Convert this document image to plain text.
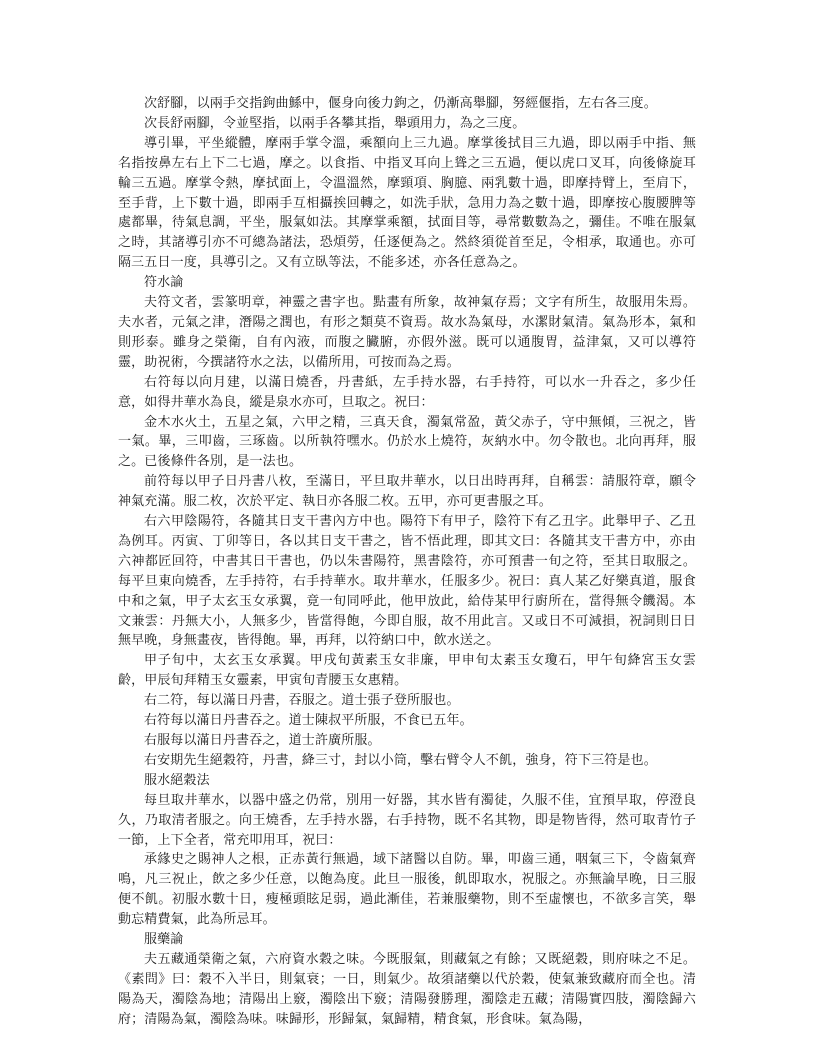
次舒腳，以兩手交指鉤曲鯀中，偃身向後力鉤之，仍漸高舉腳，努經偃指，左右各三度。

次長舒兩腳，令並堅指，以兩手各攀其指，舉頭用力，為之三度。

導引畢，平坐縱體，摩兩手掌令溫，乘額向上三九過。摩掌後拭目三九過，即以兩手中指、無名指按鼻左右上下二七過，摩之。以食指、中指叉耳向上聳之三五過，便以虎口叉耳，向後條旋耳輪三五過。摩掌令熱，摩拭面上，令溫溫然，摩頸項、胸臆、兩乳數十過，即摩持臂上，至肩下，至手背，上下數十過，即兩手互相攝挨回轉之，如洗手狀，急用力為之數十過，即摩按心腹腰脾等處都畢，待氣息調，平坐，服氣如法。其摩掌乘額，拭面目等，尋常數數為之，彌佳。不唯在服氣之時，其諸導引亦不可總為諸法，恐煩勞，任逐便為之。然終須從首至足，令相承，取通也。亦可隔三五日一度，具導引之。又有立臥等法，不能多述，亦各任意為之。

符水論

夫符文者，雲篆明章，神靈之書字也。點畫有所象，故神氣存焉；文字有所生，故服用朱焉。夫水者，元氣之津，潛陽之潤也，有形之類莫不資焉。故水為氣母，水潔財氣清。氣為形本，氣和則形泰。雖身之榮衛，自有內液，而腹之臟腑，亦假外滋。既可以通腹胃，益津氣，又可以導符靈，助祝術，今撰諸符水之法，以備所用，可按而為之焉。

右符每以向月建，以滿日燒香，丹書紙，左手持水器，右手持符，可以水一升吞之，多少任意，如得井華水為良，縱是泉水亦可，旦取之。祝曰：

金木水火土，五星之氣，六甲之精，三真天食，濁氣常盈，黃父赤子，守中無傾，三祝之，皆一氣。畢，三叩齒，三琢齒。以所執符嘿水。仍於水上燒符，灰納水中。勿令散也。北向再拜，服之。已後條件各別，是一法也。

前符每以甲子日丹書八枚，至滿日，平旦取井華水，以日出時再拜，自稱雲：請服符章，願令神氣充滿。服二枚，次於平定、執日亦各服二枚。五甲，亦可更書服之耳。

右六甲陰陽符，各隨其日支干書內方中也。陽符下有甲子，陰符下有乙丑字。此舉甲子、乙丑為例耳。丙寅、丁卯等日，各以其日支干書之，皆不悟此理，即其文曰：各隨其支干書方中，亦由六神都匠回符，中書其日干書也，仍以朱書陽符，黑書陰符，亦可預書一旬之符，至其日取服之。每平旦東向燒香，左手持符，右手持華水。取井華水，任服多少。祝曰：真人某乙好樂真道，服食中和之氣，甲子太玄玉女承翼，竟一旬同呼此，他甲放此，給侍某甲行廚所在，當得無令饑渴。本文兼雲：丹無大小，人無多少，皆當得飽，今即自服，故不用此言。又或日不可減損，祝詞則日日無早晚，身無畫夜，皆得飽。畢，再拜，以符納口中，飲水送之。

甲子旬中，太玄玉女承翼。甲戌旬黃素玉女非廉，甲申旬太素玉女瓊石，甲午旬絳宮玉女雲齡，甲辰旬拜精玉女靈素，甲寅旬青腰玉女惠精。

右二符，每以滿日丹書，吞服之。道士張子登所服也。

右符每以滿日丹書吞之。道士陳叔平所服，不食已五年。

右服每以滿日丹書吞之，道士許廣所服。

右安期先生絕穀符，丹書，絳三寸，封以小筒，擊右臂令人不飢，強身，符下三符是也。

服水絕穀法

每旦取井華水，以器中盛之仍常，別用一好器，其水皆有濁徒，久服不佳，宜預早取，停澄良久，乃取清者服之。向王燒香，左手持水器，右手持物，既不名其物，即是物皆得，然可取青竹子一節，上下全者，常充叩用耳，祝曰：

承緣史之賜神人之根，正赤黃行無過，域下諸醫以自防。畢，叩齒三通，咽氣三下，令齒氣齊鳴，凡三祝止，飲之多少任意，以飽為度。此旦一服後，飢即取水，祝服之。亦無論早晚，日三服便不飢。初服水數十日，瘦極頭眩足弱，過此漸佳，若兼服藥物，則不至虛懷也，不欲多言笑，舉動忘精費氣，此為所忌耳。

服藥論

夫五藏通榮衛之氣，六府資水穀之味。今既服氣，則藏氣之有餘；又既絕穀，則府味之不足。《素問》曰：穀不入半日，則氣衰；一日，則氣少。故須諸藥以代於穀，使氣兼致藏府而全也。清陽為天，濁陰為地；清陽出上竅，濁陰出下竅；清陽發勝理，濁陰走五藏；清陽實四肢，濁陰歸六府；清陽為氣，濁陰為味。味歸形，形歸氣，氣歸精，精食氣，形食味。氣為陽，
